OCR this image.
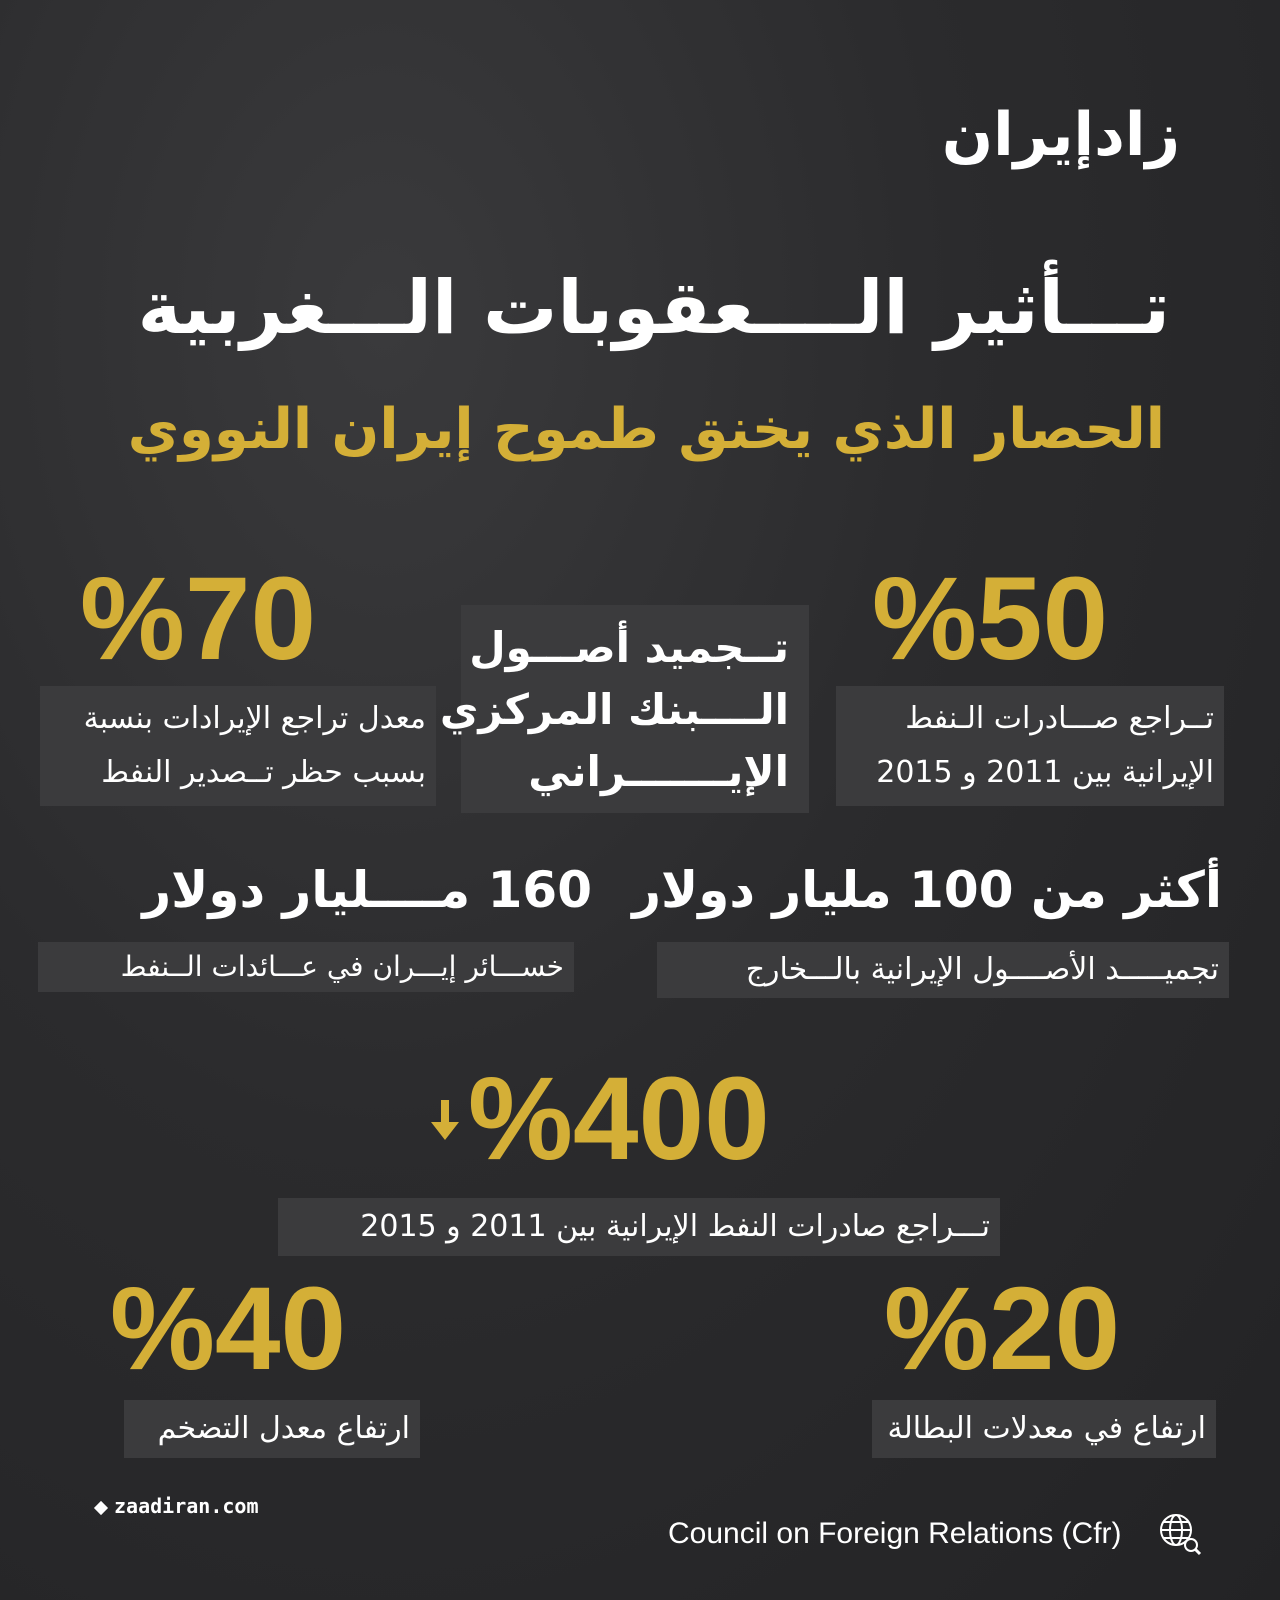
زادإيران
تـــأثير الــــعقوبات الـــغربية
الحصار الذي يخنق طموح إيران النووي
%50
تــراجع صـــادرات الـنفط
الإيرانية بين 2011 و 2015
%70
معدل تراجع الإيرادات بنسبة
بسبب حظر تــصدير النفط
تــجميد أصـــول
الــــبنك المركزي
الإيـــــــراني
أكثر من 100 مليار دولار
تجميـــــد الأصــــول الإيرانية بالـــخارج
160 مــــليار دولار
خســـائر إيـــران في عـــائدات الــنفط
%400
تـــراجع صادرات النفط الإيرانية بين 2011 و 2015
%20
ارتفاع في معدلات البطالة
%40
ارتفاع معدل التضخم
zaadiran.com
Council on Foreign Relations (Cfr)
